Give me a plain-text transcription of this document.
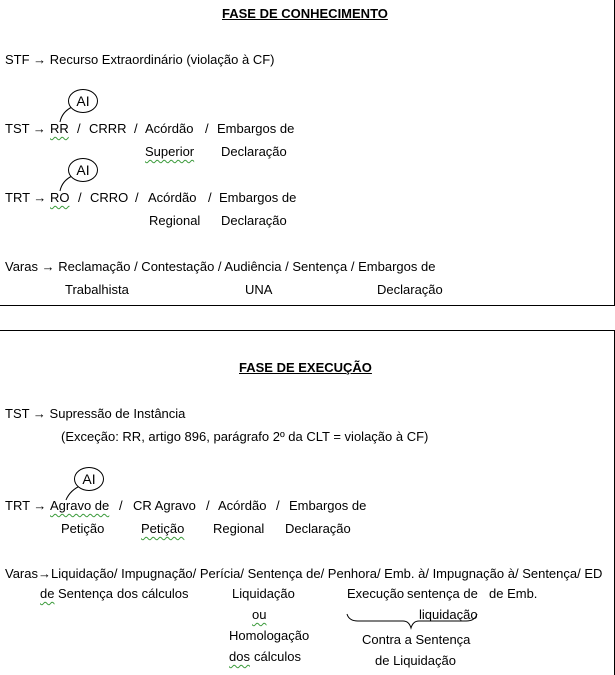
FASE DE CONHECIMENTO
STF → Recurso Extraordinário (violação à CF)
AI
TST → RR / CRRR / Acórdão
Superior
/ Embargos de
Declaração
AI
TRT → RO / CRRO / Acórdão
Regional
/ Embargos de
Declaração
Varas → Reclamação / Contestação / Audiência / Sentença / Embargos de
Trabalhista	UNA	Declaração
FASE DE EXECUÇÃO
TST → Supressão de Instância
(Exceção: RR, artigo 896, parágrafo 2º da CLT = violação à CF)
AI
TRT → Agravo de / CR Agravo / Acórdão / Embargos de
Petição	Petição Regional Declaração
Varas→Liquidação/ Impugnação/ Perícia/ Sentença de/ Penhora/ Emb. à/ Impugnação à/ Sentença/ ED
de Sentença dos cálculos	Liquidação
ou
Homologação
dos cálculos
Execução sentença de
liquidação
de Emb.
Contra a Sentença
de Liquidação
